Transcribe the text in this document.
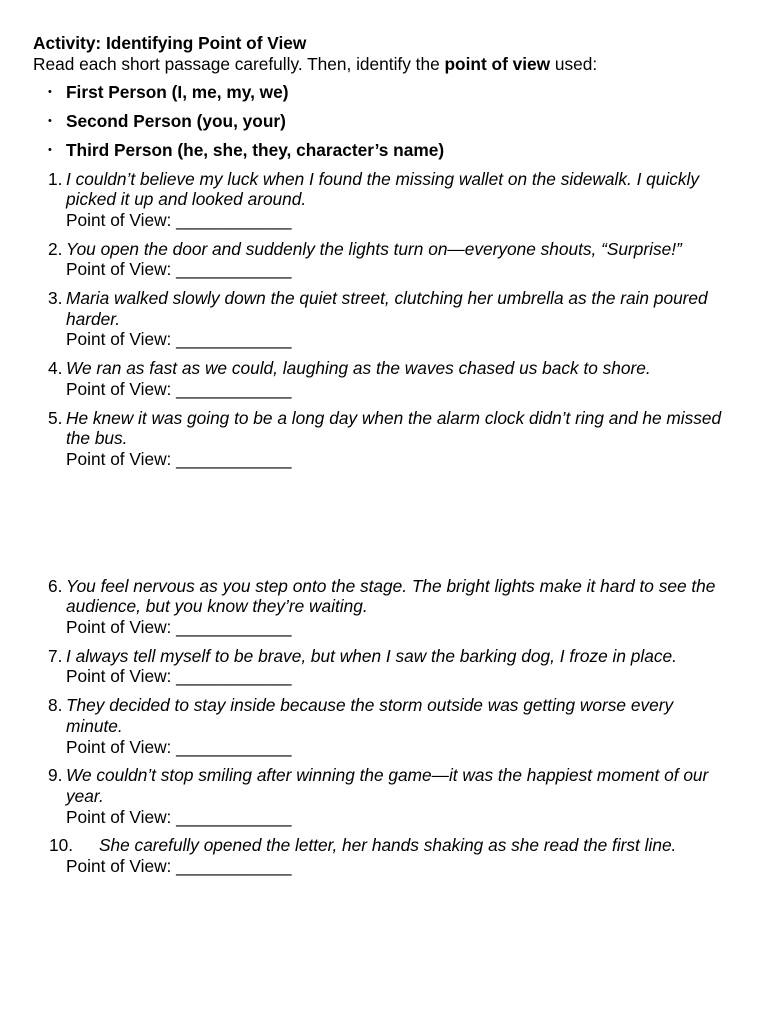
Activity: Identifying Point of View
Read each short passage carefully. Then, identify the point of view used:
• First Person (I, me, my, we)
• Second Person (you, your)
• Third Person (he, she, they, character’s name)
1. I couldn’t believe my luck when I found the missing wallet on the sidewalk. I quickly picked it up and looked around.
Point of View: ____________
2. You open the door and suddenly the lights turn on—everyone shouts, “Surprise!”
Point of View: ____________
3. Maria walked slowly down the quiet street, clutching her umbrella as the rain poured harder.
Point of View: ____________
4. We ran as fast as we could, laughing as the waves chased us back to shore.
Point of View: ____________
5. He knew it was going to be a long day when the alarm clock didn’t ring and he missed the bus.
Point of View: ____________
6. You feel nervous as you step onto the stage. The bright lights make it hard to see the audience, but you know they’re waiting.
Point of View: ____________
7. I always tell myself to be brave, but when I saw the barking dog, I froze in place.
Point of View: ____________
8. They decided to stay inside because the storm outside was getting worse every minute.
Point of View: ____________
9. We couldn’t stop smiling after winning the game—it was the happiest moment of our year.
Point of View: ____________
10.	She carefully opened the letter, her hands shaking as she read the first line.
Point of View: ____________
